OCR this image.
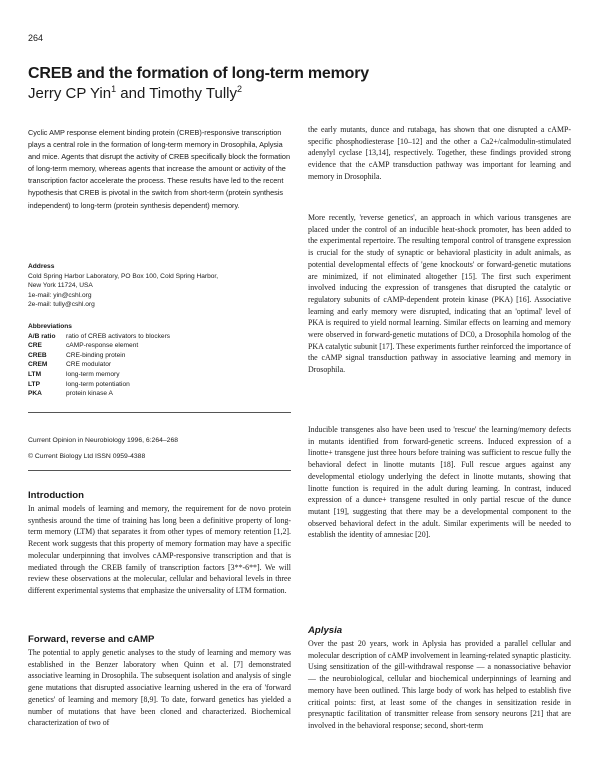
264
CREB and the formation of long-term memory
Jerry CP Yin$^1$ and Timothy Tully$^2$
Cyclic AMP response element binding protein (CREB)-responsive transcription plays a central role in the formation of long-term memory in Drosophila, Aplysia and mice. Agents that disrupt the activity of CREB specifically block the formation of long-term memory, whereas agents that increase the amount or activity of the transcription factor accelerate the process. These results have led to the recent hypothesis that CREB is pivotal in the switch from short-term (protein synthesis independent) to long-term (protein synthesis dependent) memory.
Address
Cold Spring Harbor Laboratory, PO Box 100, Cold Spring Harbor,
New York 11724, USA
1e-mail: yin@cshl.org
2e-mail: tully@cshl.org
Abbreviations
A/B ratio	ratio of CREB activators to blockers
CRE	cAMP-response element
CREB	CRE-binding protein
CREM	CRE modulator
LTM	long-term memory
LTP	long-term potentiation
PKA	protein kinase A
Current Opinion in Neurobiology 1996, 6:264–268
© Current Biology Ltd ISSN 0959-4388
Introduction

In animal models of learning and memory, the requirement for de novo protein synthesis around the time of training has long been a definitive property of long-term memory (LTM) that separates it from other types of memory retention [1,2]. Recent work suggests that this property of memory formation may have a specific molecular underpinning that involves cAMP-responsive transcription and that is mediated through the CREB family of transcription factors [3**-6**]. We will review these observations at the molecular, cellular and behavioral levels in three different experimental systems that emphasize the universality of LTM formation.

Forward, reverse and cAMP

The potential to apply genetic analyses to the study of learning and memory was established in the Benzer laboratory when Quinn et al. [7] demonstrated associative learning in Drosophila. The subsequent isolation and analysis of single gene mutations that disrupted associative learning ushered in the era of 'forward genetics' of learning and memory [8,9]. To date, forward genetics has yielded a number of mutations that have been cloned and characterized. Biochemical characterization of two of

the early mutants, dunce and rutabaga, has shown that one disrupted a cAMP-specific phosphodiesterase [10–12] and the other a Ca2+/calmodulin-stimulated adenylyl cyclase [13,14], respectively. Together, these findings provided strong evidence that the cAMP transduction pathway was important for learning and memory in Drosophila.
More recently, 'reverse genetics', an approach in which various transgenes are placed under the control of an inducible heat-shock promoter, has been added to the experimental repertoire. The resulting temporal control of transgene expression is crucial for the study of synaptic or behavioral plasticity in adult animals, as potential developmental effects of 'gene knockouts' or forward-genetic mutations are minimized, if not eliminated altogether [15]. The first such experiment involved inducing the expression of transgenes that disrupted the catalytic or regulatory subunits of cAMP-dependent protein kinase (PKA) [16]. Associative learning and early memory were disrupted, indicating that an 'optimal' level of PKA is required to yield normal learning. Similar effects on learning and memory were observed in forward-genetic mutations of DC0, a Drosophila homolog of the PKA catalytic subunit [17]. These experiments further reinforced the importance of the cAMP signal transduction pathway in associative learning and memory in Drosophila.
Inducible transgenes also have been used to 'rescue' the learning/memory defects in mutants identified from forward-genetic screens. Induced expression of a linotte+ transgene just three hours before training was sufficient to rescue fully the behavioral defect in linotte mutants [18]. Full rescue argues against any developmental etiology underlying the defect in linotte mutants, showing that linotte function is required in the adult during learning. In contrast, induced expression of a dunce+ transgene resulted in only partial rescue of the dunce mutant [19], suggesting that there may be a developmental component to the observed behavioral defect in the adult. Similar experiments will be needed to establish the identity of amnesiac [20].
Aplysia

Over the past 20 years, work in Aplysia has provided a parallel cellular and molecular description of cAMP involvement in learning-related synaptic plasticity. Using sensitization of the gill-withdrawal response — a nonassociative behavior — the neurobiological, cellular and biochemical underpinnings of learning and memory have been outlined. This large body of work has helped to establish five critical points: first, at least some of the changes in sensitization reside in presynaptic facilitation of transmitter release from sensory neurons [21] that are involved in the behavioral response; second, short-term
